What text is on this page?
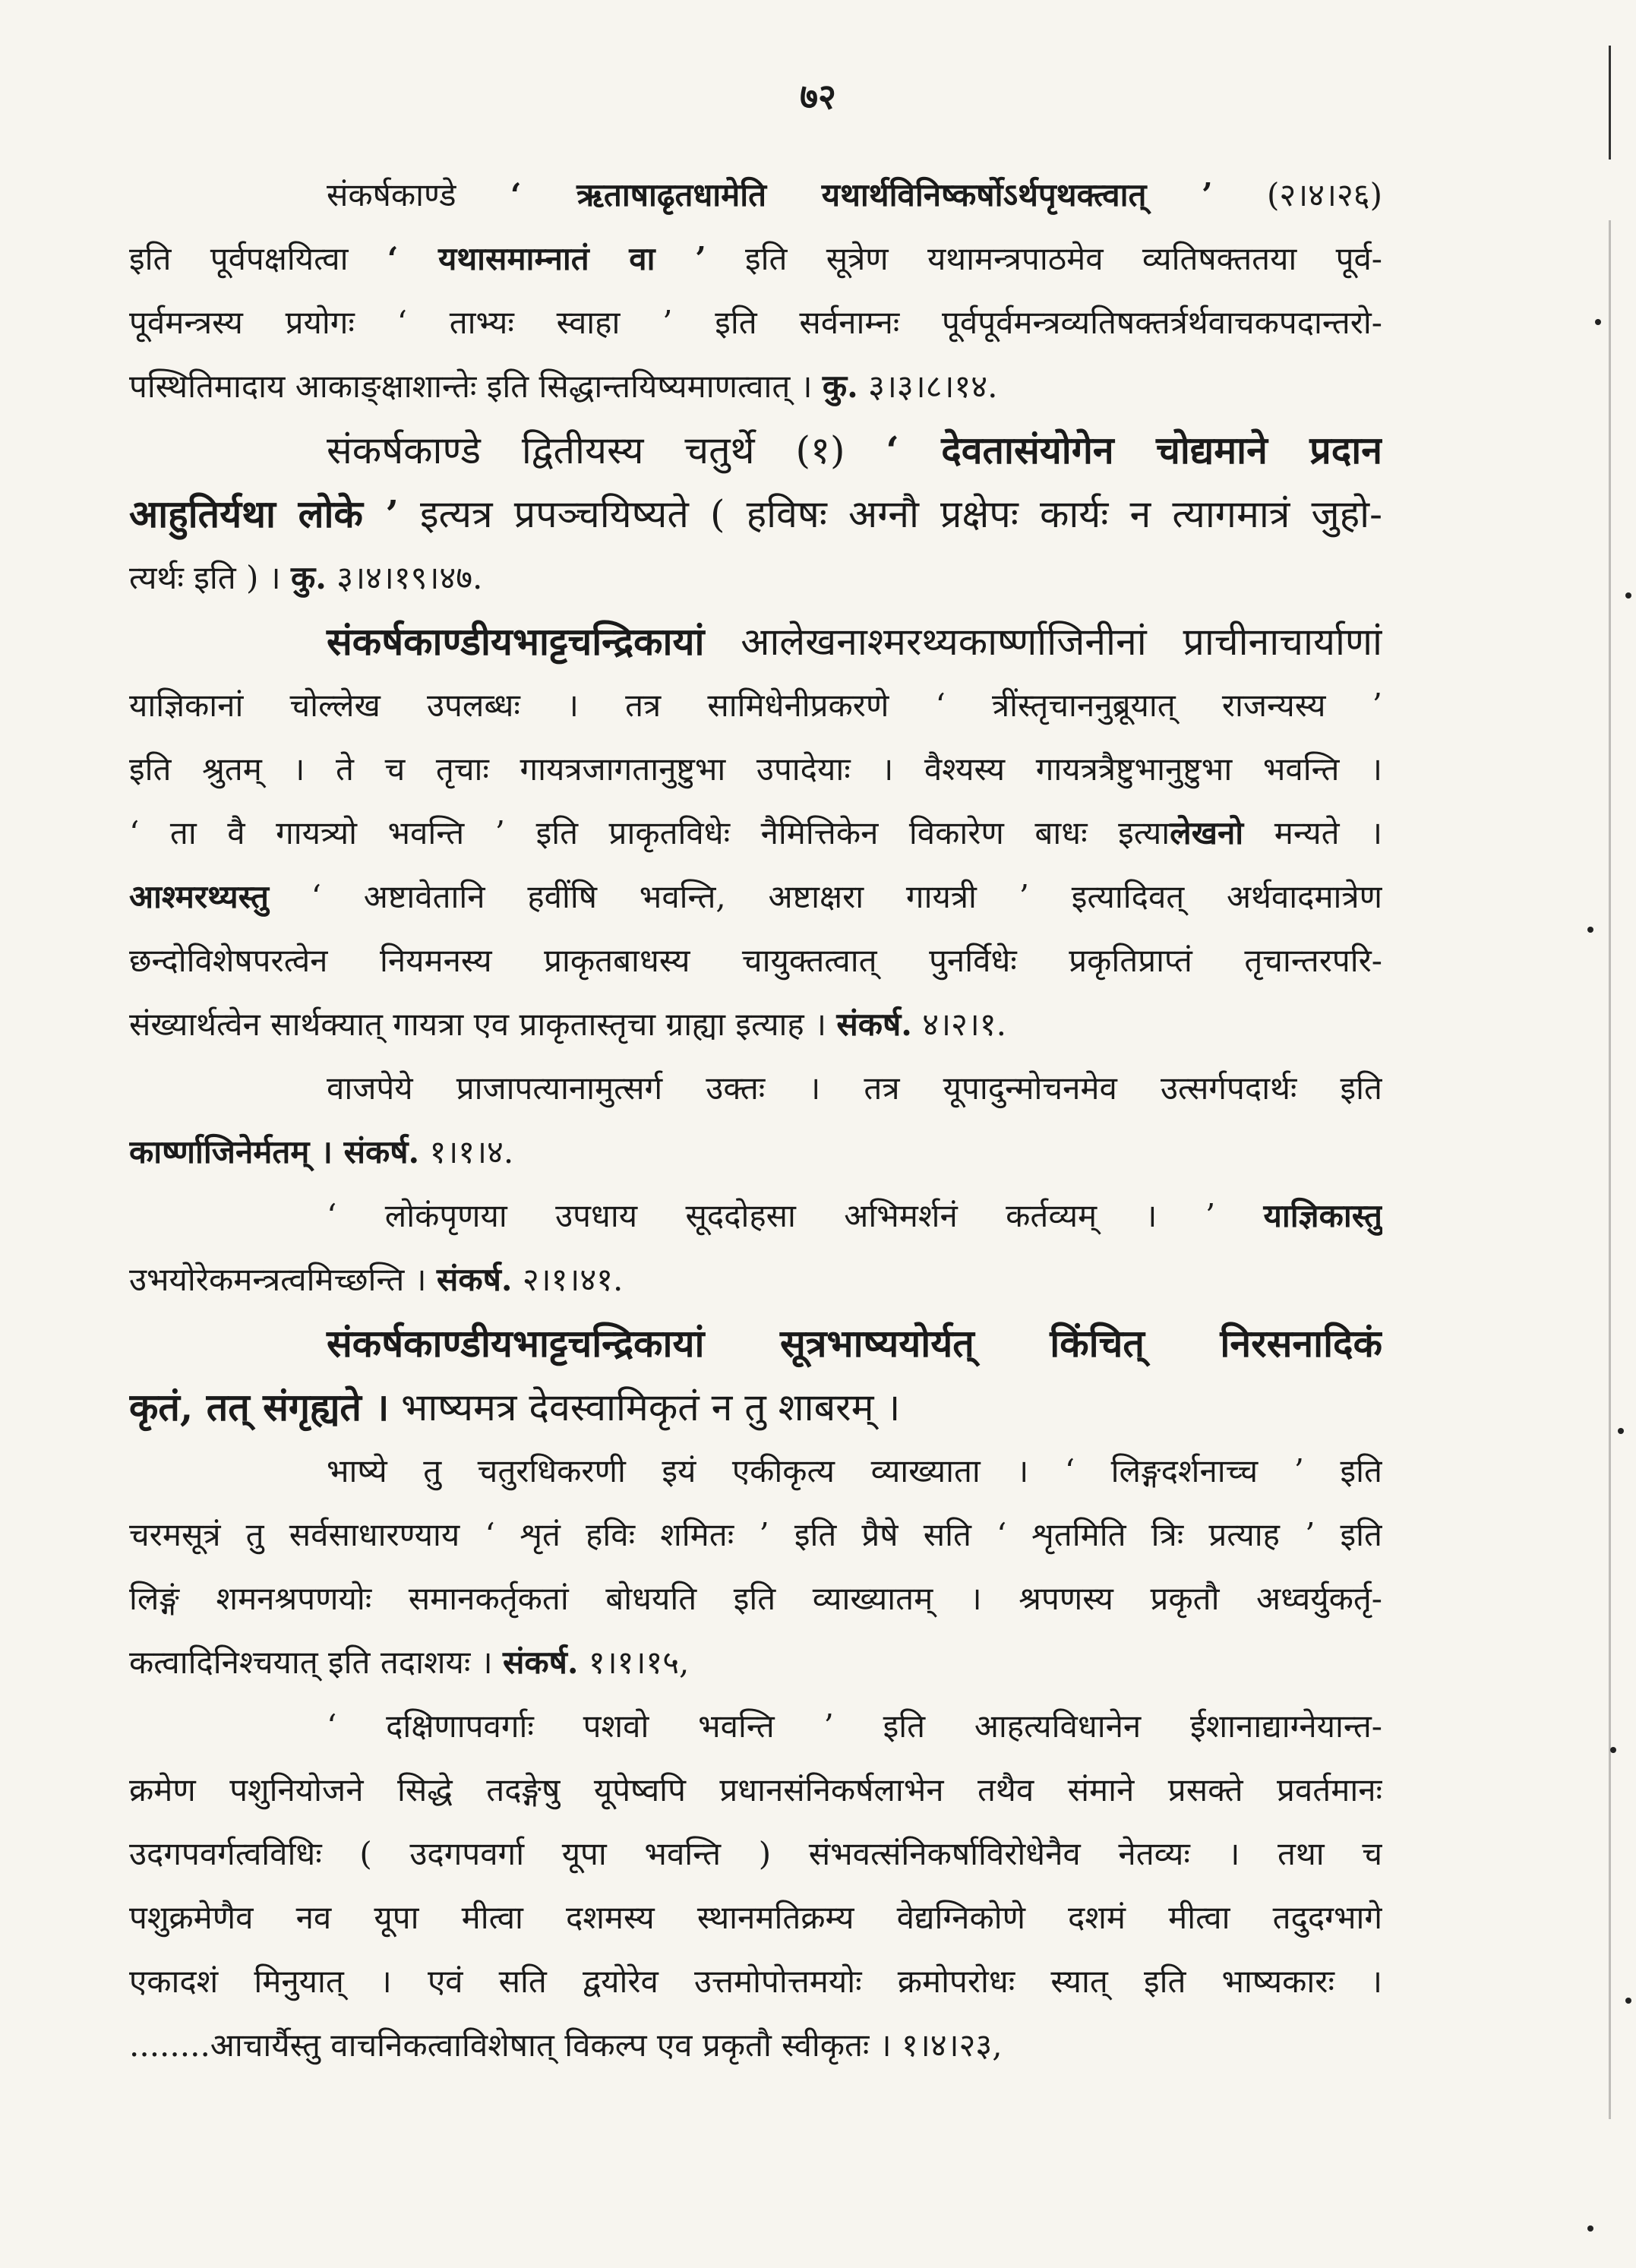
७२
संकर्षकाण्डे ‘ ऋताषाढृतधामेति यथार्थविनिष्कर्षोऽर्थपृथक्त्वात् ’ (२।४।२६)
इति पूर्वपक्षयित्वा ‘ यथासमाम्नातं वा ’ इति सूत्रेण यथामन्त्रपाठमेव व्यतिषक्ततया पूर्व-
पूर्वमन्त्रस्य प्रयोगः ‘ ताभ्यः स्वाहा ’ इति सर्वनाम्नः पूर्वपूर्वमन्त्रव्यतिषक्तर्त्रर्थवाचकपदान्तरो-
पस्थितिमादाय आकाङ्क्षाशान्तेः इति सिद्धान्तयिष्यमाणत्वात् । कु. ३।३।८।१४.
संकर्षकाण्डे द्वितीयस्य चतुर्थे (१) ‘ देवतासंयोगेन चोद्यमाने प्रदान
आहुतिर्यथा लोके ’ इत्यत्र प्रपञ्चयिष्यते ( हविषः अग्नौ प्रक्षेपः कार्यः न त्यागमात्रं जुहो-
त्यर्थः इति ) । कु. ३।४।१९।४७.
संकर्षकाण्डीयभाट्टचन्द्रिकायां आलेखनाश्मरथ्यकार्ष्णाजिनीनां प्राचीनाचार्याणां
याज्ञिकानां चोल्लेख उपलब्धः । तत्र सामिधेनीप्रकरणे ‘ त्रींस्तृचाननुब्रूयात् राजन्यस्य ’
इति श्रुतम् । ते च तृचाः गायत्रजागतानुष्टुभा उपादेयाः । वैश्यस्य गायत्रत्रैष्टुभानुष्टुभा भवन्ति ।
‘ ता वै गायत्र्यो भवन्ति ’ इति प्राकृतविधेः नैमित्तिकेन विकारेण बाधः इत्यालेखनो मन्यते ।
आश्मरथ्यस्तु ‘ अष्टावेतानि हवींषि भवन्ति, अष्टाक्षरा गायत्री ’ इत्यादिवत् अर्थवादमात्रेण
छन्दोविशेषपरत्वेन नियमनस्य प्राकृतबाधस्य चायुक्तत्वात् पुनर्विधेः प्रकृतिप्राप्तं तृचान्तरपरि-
संख्यार्थत्वेन सार्थक्यात् गायत्रा एव प्राकृतास्तृचा ग्राह्या इत्याह । संकर्ष. ४।२।१.
वाजपेये प्राजापत्यानामुत्सर्ग उक्तः । तत्र यूपादुन्मोचनमेव उत्सर्गपदार्थः इति
कार्ष्णाजिनेर्मतम् । संकर्ष. १।१।४.
‘ लोकंपृणया उपधाय सूददोहसा अभिमर्शनं कर्तव्यम् । ’ याज्ञिकास्तु
उभयोरेकमन्त्रत्वमिच्छन्ति । संकर्ष. २।१।४१.
संकर्षकाण्डीयभाट्टचन्द्रिकायां सूत्रभाष्ययोर्यत् किंचित् निरसनादिकं
कृतं, तत् संगृह्यते । भाष्यमत्र देवस्वामिकृतं न तु शाबरम् ।
भाष्ये तु चतुरधिकरणी इयं एकीकृत्य व्याख्याता । ‘ लिङ्गदर्शनाच्च ’ इति
चरमसूत्रं तु सर्वसाधारण्याय ‘ शृतं हविः शमितः ’ इति प्रैषे सति ‘ शृतमिति त्रिः प्रत्याह ’ इति
लिङ्गं शमनश्रपणयोः समानकर्तृकतां बोधयति इति व्याख्यातम् । श्रपणस्य प्रकृतौ अध्वर्युकर्तृ-
कत्वादिनिश्चयात् इति तदाशयः । संकर्ष. १।१।१५,
‘ दक्षिणापवर्गाः पशवो भवन्ति ’ इति आहत्यविधानेन ईशानाद्याग्नेयान्त-
क्रमेण पशुनियोजने सिद्धे तदङ्गेषु यूपेष्वपि प्रधानसंनिकर्षलाभेन तथैव संमाने प्रसक्ते प्रवर्तमानः
उदगपवर्गत्वविधिः ( उदगपवर्गा यूपा भवन्ति ) संभवत्संनिकर्षाविरोधेनैव नेतव्यः । तथा च
पशुक्रमेणैव नव यूपा मीत्वा दशमस्य स्थानमतिक्रम्य वेद्यग्निकोणे दशमं मीत्वा तदुदग्भागे
एकादशं मिनुयात् । एवं सति द्वयोरेव उत्तमोपोत्तमयोः क्रमोपरोधः स्यात् इति भाष्यकारः ।
........आचार्यैस्तु वाचनिकत्वाविशेषात् विकल्प एव प्रकृतौ स्वीकृतः । १।४।२३,
